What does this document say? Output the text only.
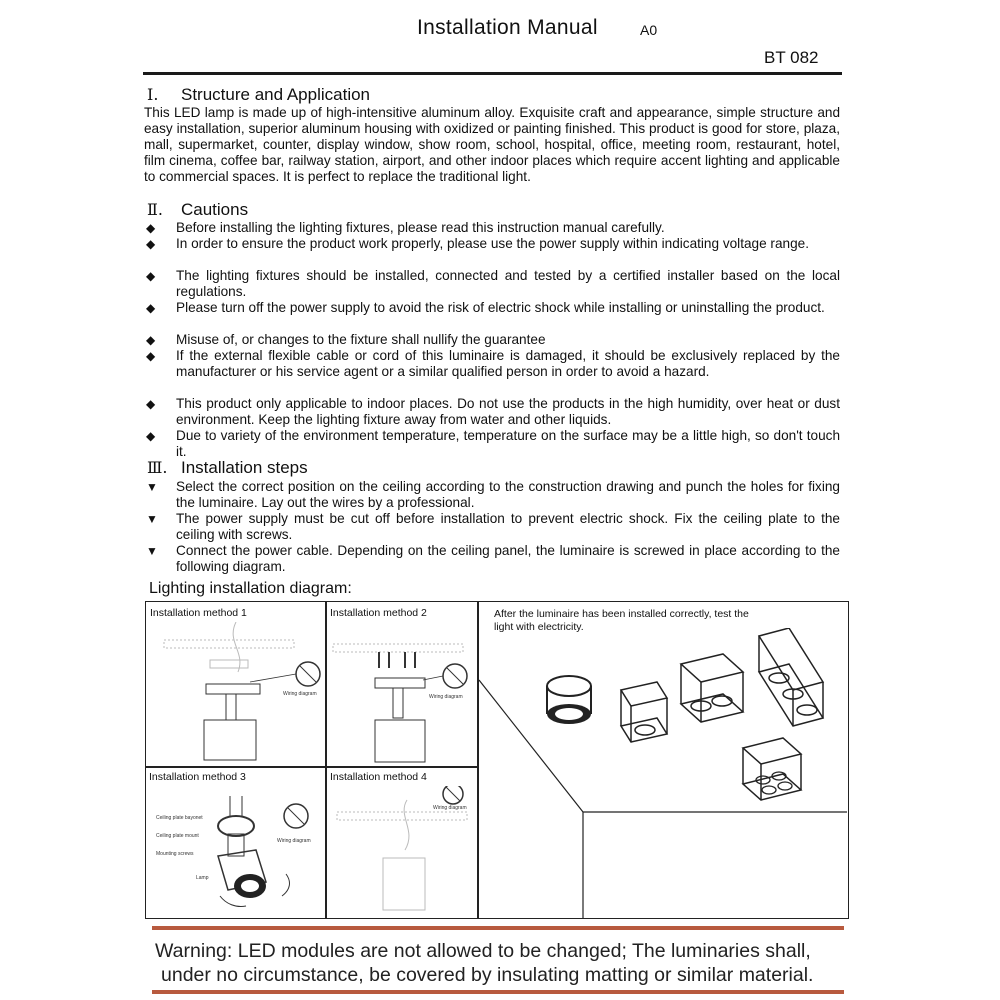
Installation Manual	A0
BT 082
Ⅰ. Structure and Application
This LED lamp is made up of high-intensitive aluminum alloy. Exquisite craft and appearance, simple structure and easy installation, superior aluminum housing with oxidized or painting finished. This product is good for store, plaza, mall, supermarket, counter, display window, show room, school, hospital, office, meeting room, restaurant, hotel, film cinema, coffee bar, railway station, airport, and other indoor places which require accent lighting and applicable to commercial spaces. It is perfect to replace the traditional light.
Ⅱ. Cautions
◆ Before installing the lighting fixtures, please read this instruction manual carefully.
◆ In order to ensure the product work properly, please use the power supply within indicating voltage range.
◆ The lighting fixtures should be installed, connected and tested by a certified installer based on the local regulations.
◆ Please turn off the power supply to avoid the risk of electric shock while installing or uninstalling the product.
◆ Misuse of, or changes to the fixture shall nullify the guarantee
◆ If the external flexible cable or cord of this luminaire is damaged, it should be exclusively replaced by the manufacturer or his service agent or a similar qualified person in order to avoid a hazard.
◆ This product only applicable to indoor places. Do not use the products in the high humidity, over heat or dust environment. Keep the lighting fixture away from water and other liquids.
◆ Due to variety of the environment temperature, temperature on the surface may be a little high, so don't touch it.
Ⅲ. Installation steps
▼ Select the correct position on the ceiling according to the construction drawing and punch the holes for fixing the luminaire. Lay out the wires by a professional.
▼ The power supply must be cut off before installation to prevent electric shock. Fix the ceiling plate to the ceiling with screws.
▼ Connect the power cable. Depending on the ceiling panel, the luminaire is screwed in place according to the following diagram.
Lighting installation diagram:
Installation method 1	Installation method 2
Installation method 3	Installation method 4
Wiring diagram	Wiring diagram
Wiring diagram
Ceiling plate bayonet
Ceiling plate mount
Mounting screws
Lamp
Wiring diagram
After the luminaire has been installed correctly, test the light with electricity.
Warning: LED modules are not allowed to be changed; The luminaries shall,
under no circumstance, be covered by insulating matting or similar material.
